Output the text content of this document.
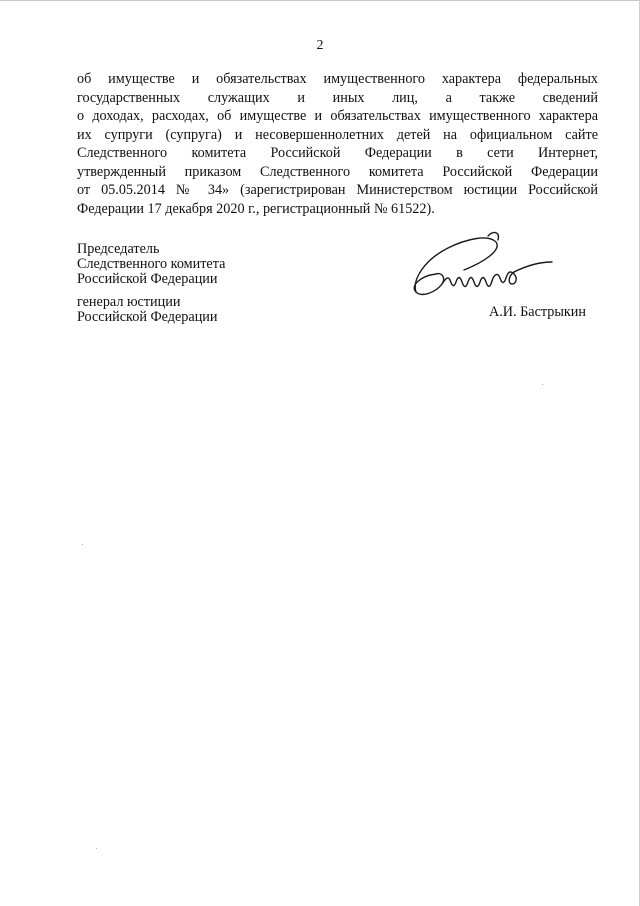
2
об имуществе и обязательствах имущественного характера федеральных
государственных служащих и иных лиц, а также сведений
о доходах, расходах, об имуществе и обязательствах имущественного характера
их супруги (супруга) и несовершеннолетних детей на официальном сайте
Следственного комитета Российской Федерации в сети Интернет,
утвержденный приказом Следственного комитета Российской Федерации
от 05.05.2014 № 34» (зарегистрирован Министерством юстиции Российской
Федерации 17 декабря 2020 г., регистрационный № 61522).
Председатель
Следственного комитета
Российской Федерации
генерал юстиции
Российской Федерации	А.И. Бастрыкин
